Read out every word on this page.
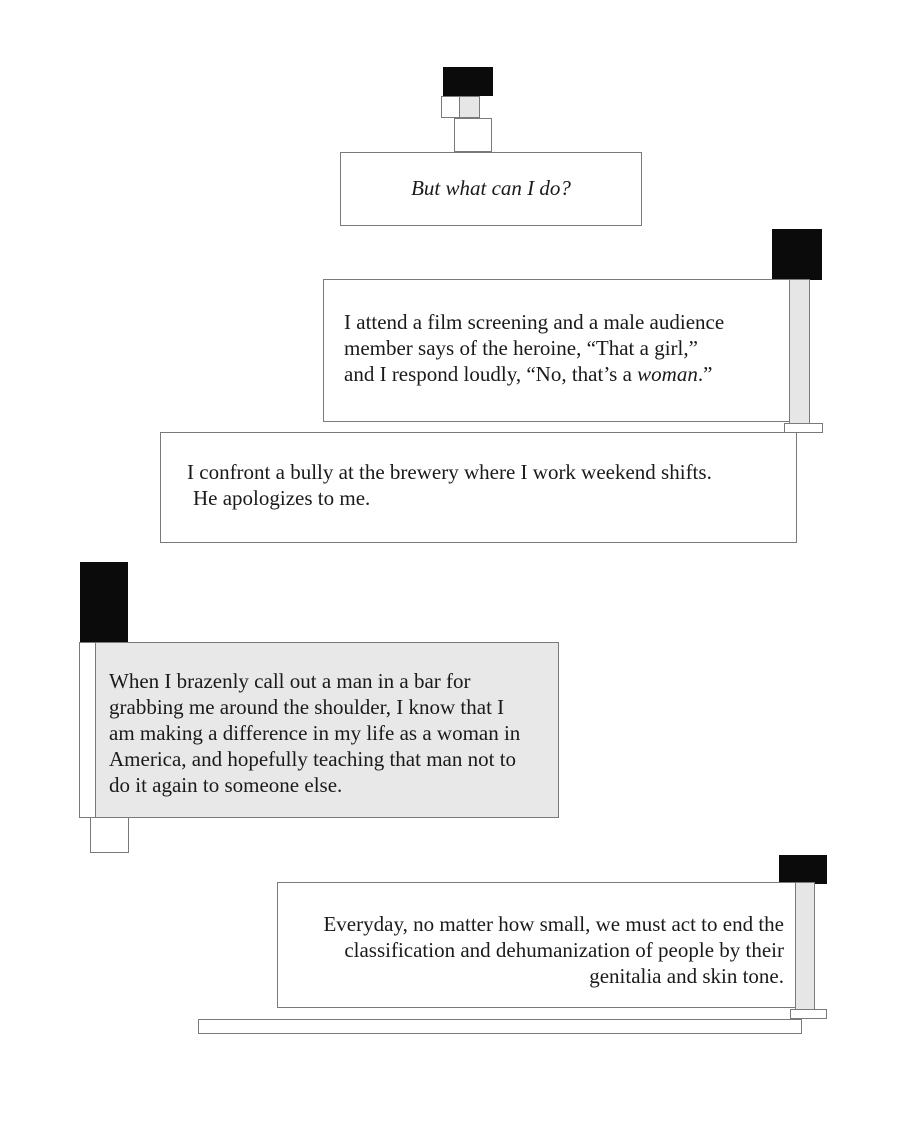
But what can I do?

I attend a film screening and a male audience

member says of the heroine, “That a girl,”

and I respond loudly, “No, that’s a woman.”

I confront a bully at the brewery where I work weekend shifts.

He apologizes to me.

When I brazenly call out a man in a bar for

grabbing me around the shoulder, I know that I

am making a difference in my life as a woman in

America, and hopefully teaching that man not to

do it again to someone else.

Everyday, no matter how small, we must act to end the

classification and dehumanization of people by their

genitalia and skin tone.
